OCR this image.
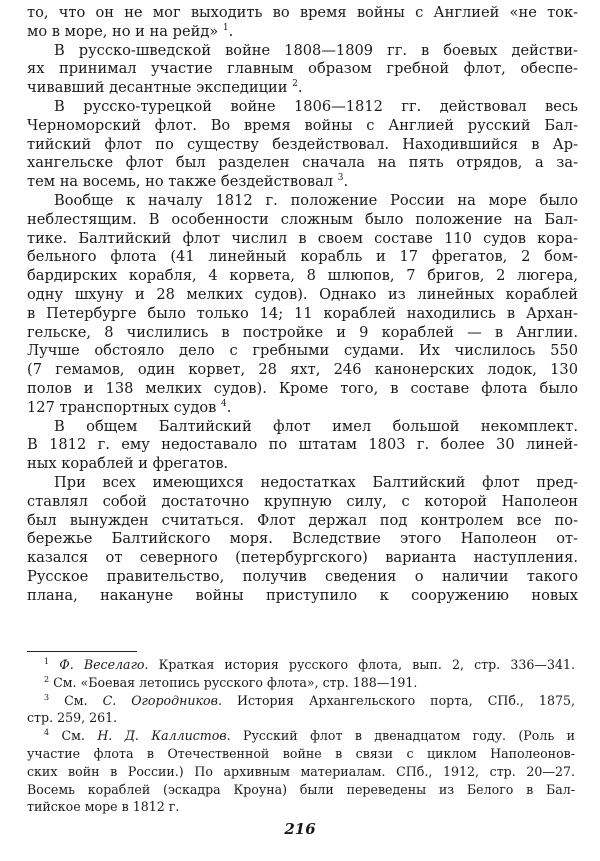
то, что он не мог выходить во время войны с Англией «не ток-
мо в море, но и на рейд» $^1$.
В русско-шведской войне 1808—1809 гг. в боевых действи-
ях принимал участие главным образом гребной флот, обеспе-
чивавший десантные экспедиции $^2$.
В русско-турецкой войне 1806—1812 гг. действовал весь
Черноморский флот. Во время войны с Англией русский Бал-
тийский флот по существу бездействовал. Находившийся в Ар-
хангельске флот был разделен сначала на пять отрядов, а за-
тем на восемь, но также бездействовал $^3$.
Вообще к началу 1812 г. положение России на море было
неблестящим. В особенности сложным было положение на Бал-
тике. Балтийский флот числил в своем составе 110 судов кора-
бельного флота (41 линейный корабль и 17 фрегатов, 2 бом-
бардирских корабля, 4 корвета, 8 шлюпов, 7 бригов, 2 люгера,
одну шхуну и 28 мелких судов). Однако из линейных кораблей
в Петербурге было только 14; 11 кораблей находились в Архан-
гельске, 8 числились в постройке и 9 кораблей — в Англии.
Лучше обстояло дело с гребными судами. Их числилось 550
(7 гемамов, один корвет, 28 яхт, 246 канонерских лодок, 130
полов и 138 мелких судов). Кроме того, в составе флота было
127 транспортных судов $^4$.
В общем Балтийский флот имел большой некомплект.
В 1812 г. ему недоставало по штатам 1803 г. более 30 линей-
ных кораблей и фрегатов.
При всех имеющихся недостатках Балтийский флот пред-
ставлял собой достаточно крупную силу, с которой Наполеон
был вынужден считаться. Флот держал под контролем все по-
бережье Балтийского моря. Вследствие этого Наполеон от-
казался от северного (петербургского) варианта наступления.
Русское правительство, получив сведения о наличии такого
плана, накануне войны приступило к сооружению новых
$^1$ Ф. Веселаго. Краткая история русского флота, вып. 2, стр. 336—341.
$^2$ См. «Боевая летопись русского флота», стр. 188—191.
$^3$ См. С. Огородников. История Архангельского порта, СПб., 1875,
стр. 259, 261.
$^4$ См. Н. Д. Каллистов. Русский флот в двенадцатом году. (Роль и
участие флота в Отечественной войне в связи с циклом Наполеонов-
ских войн в России.) По архивным материалам. СПб., 1912, стр. 20—27.
Восемь кораблей (эскадра Кроуна) были переведены из Белого в Бал-
тийское море в 1812 г.
216
